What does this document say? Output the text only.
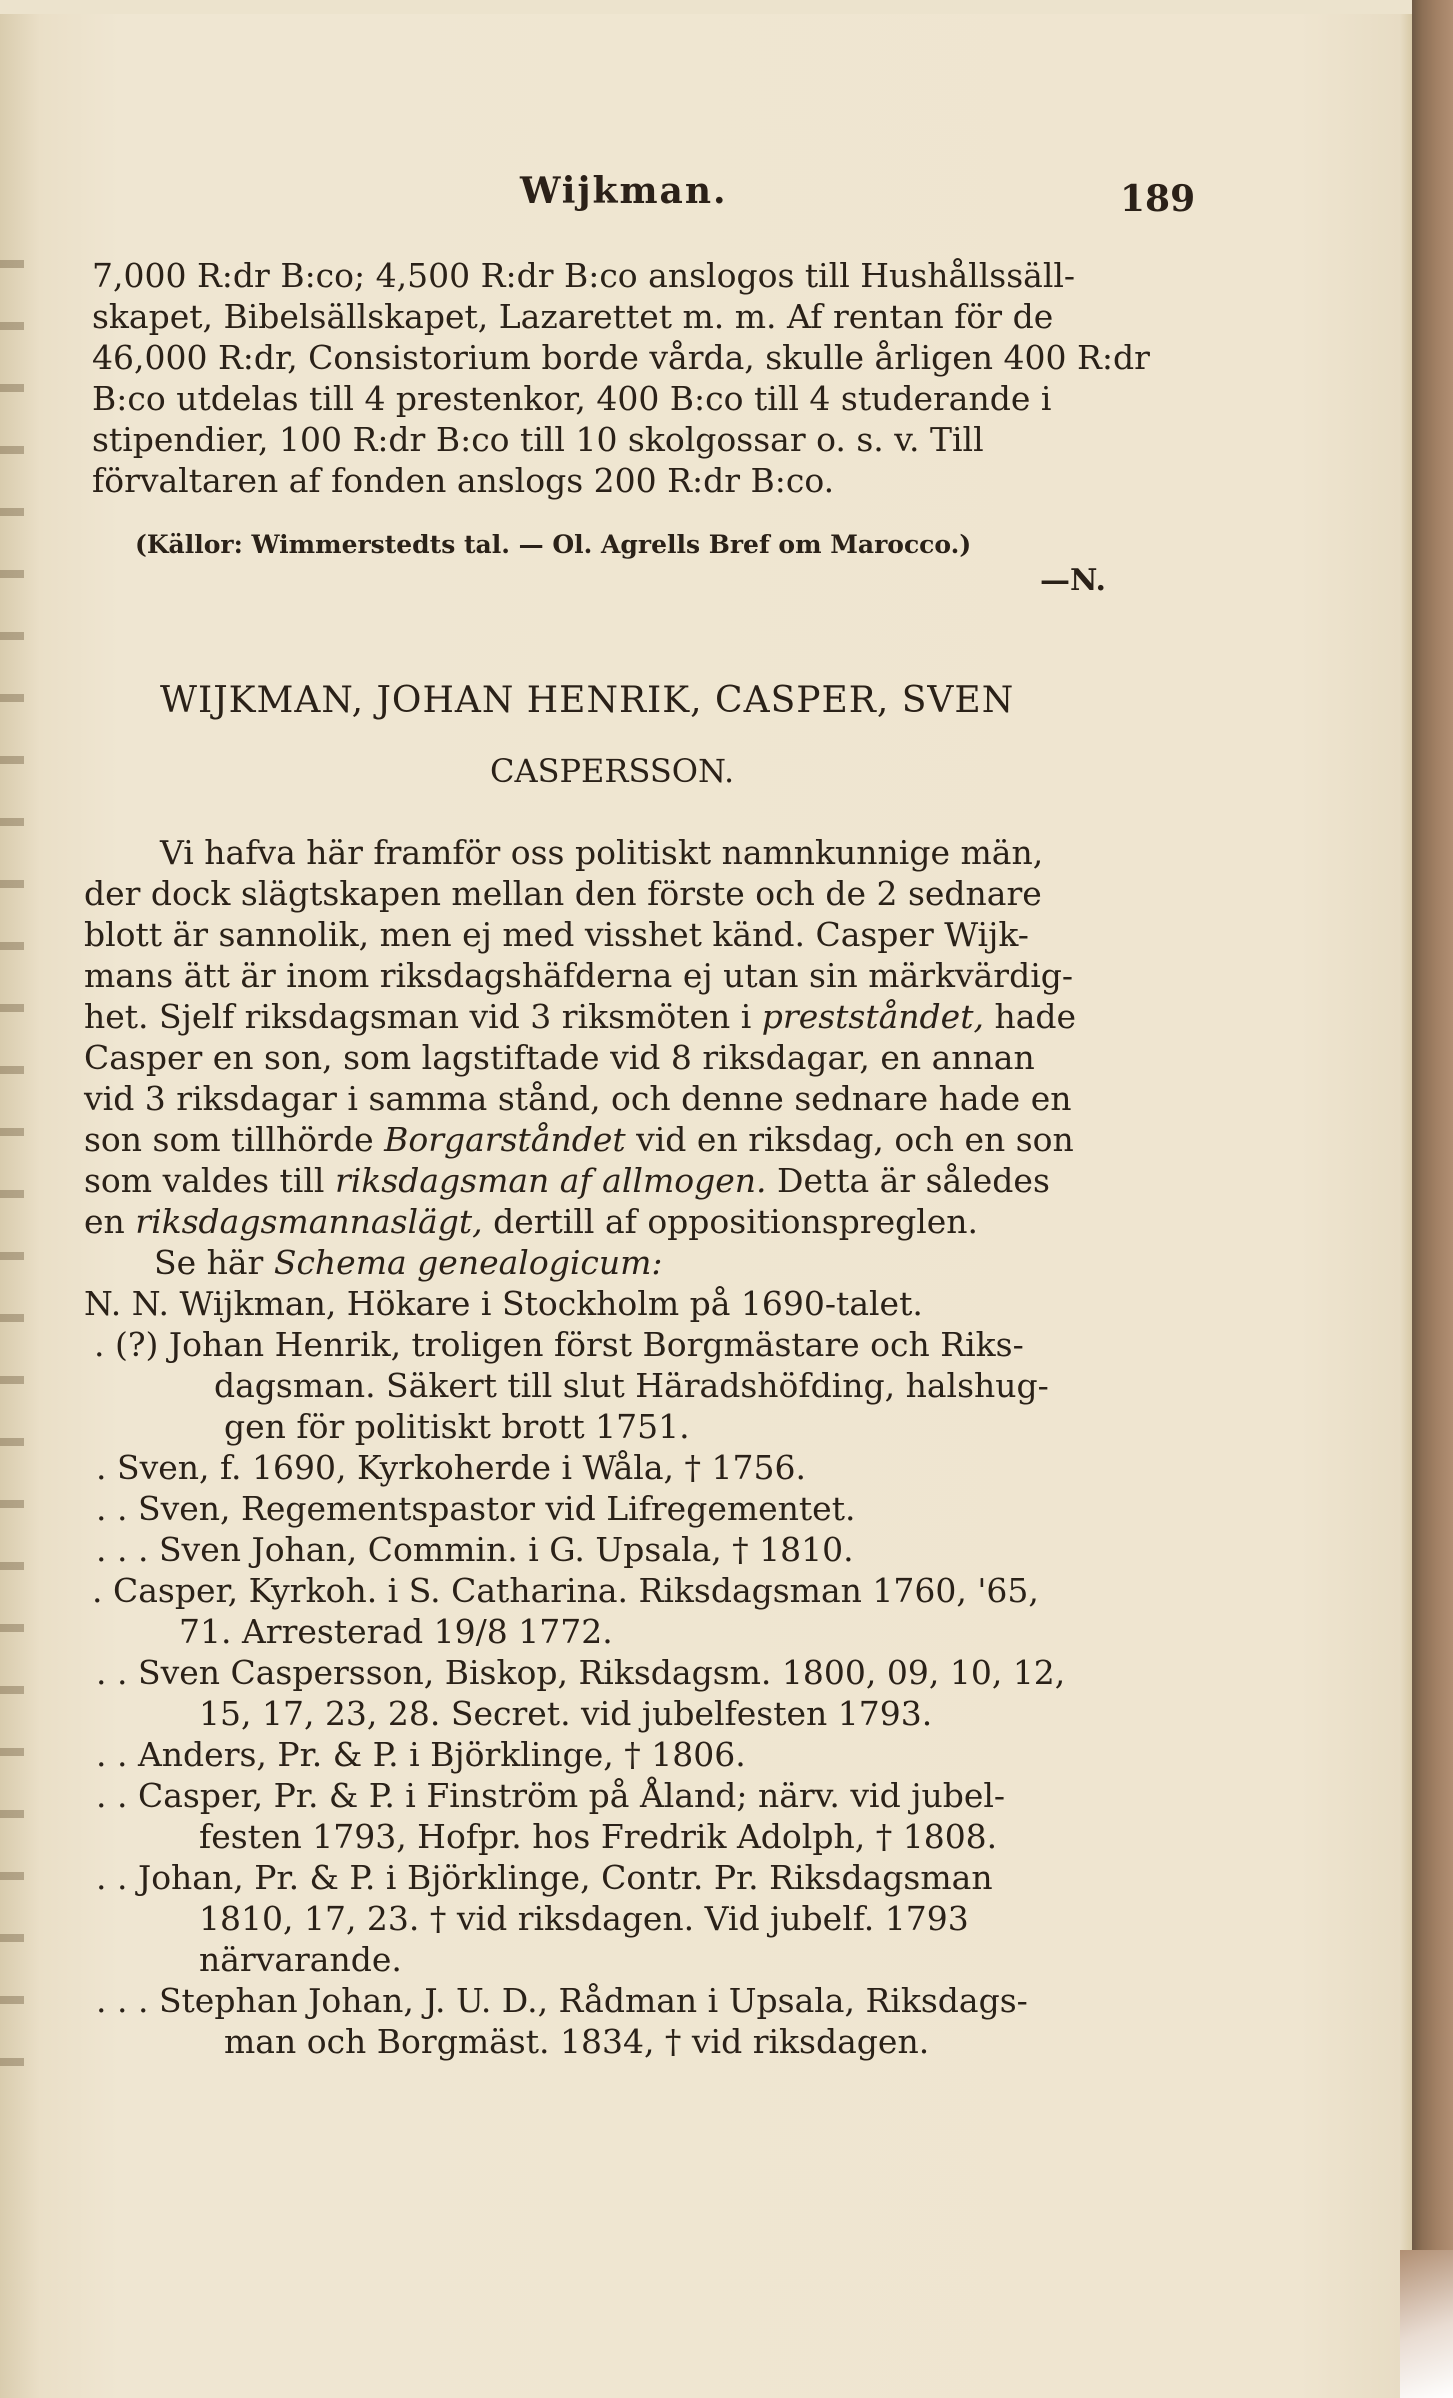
Wijkman.	189
7,000 R:dr B:co; 4,500 R:dr B:co anslogos till Hushållssäll-
skapet, Bibelsällskapet, Lazarettet m. m. Af rentan för de
46,000 R:dr, Consistorium borde vårda, skulle årligen 400 R:dr
B:co utdelas till 4 prestenkor, 400 B:co till 4 studerande i
stipendier, 100 R:dr B:co till 10 skolgossar o. s. v. Till
förvaltaren af fonden anslogs 200 R:dr B:co.
(Källor: Wimmerstedts tal. — Ol. Agrells Bref om Marocco.)
—N.
WIJKMAN, JOHAN HENRIK, CASPER, SVEN
CASPERSSON.
Vi hafva här framför oss politiskt namnkunnige män,
der dock slägtskapen mellan den förste och de 2 sednare
blott är sannolik, men ej med visshet känd. Casper Wijk-
mans ätt är inom riksdagshäfderna ej utan sin märkvärdig-
het. Sjelf riksdagsman vid 3 riksmöten i prestståndet, hade
Casper en son, som lagstiftade vid 8 riksdagar, en annan
vid 3 riksdagar i samma stånd, och denne sednare hade en
son som tillhörde Borgarståndet vid en riksdag, och en son
som valdes till riksdagsman af allmogen. Detta är således
en riksdagsmannaslägt, dertill af oppositionspreglen.
Se här Schema genealogicum:
N. N. Wijkman, Hökare i Stockholm på 1690-talet.
. (?) Johan Henrik, troligen först Borgmästare och Riks-
dagsman. Säkert till slut Häradshöfding, halshug-
gen för politiskt brott 1751.
. Sven, f. 1690, Kyrkoherde i Wåla, † 1756.
. . Sven, Regementspastor vid Lifregementet.
. . . Sven Johan, Commin. i G. Upsala, † 1810.
. Casper, Kyrkoh. i S. Catharina. Riksdagsman 1760, '65,
71. Arresterad 19/8 1772.
. . Sven Caspersson, Biskop, Riksdagsm. 1800, 09, 10, 12,
15, 17, 23, 28. Secret. vid jubelfesten 1793.
. . Anders, Pr. & P. i Björklinge, † 1806.
. . Casper, Pr. & P. i Finström på Åland; närv. vid jubel-
festen 1793, Hofpr. hos Fredrik Adolph, † 1808.
. . Johan, Pr. & P. i Björklinge, Contr. Pr. Riksdagsman
1810, 17, 23. † vid riksdagen. Vid jubelf. 1793
närvarande.
. . . Stephan Johan, J. U. D., Rådman i Upsala, Riksdags-
man och Borgmäst. 1834, † vid riksdagen.
